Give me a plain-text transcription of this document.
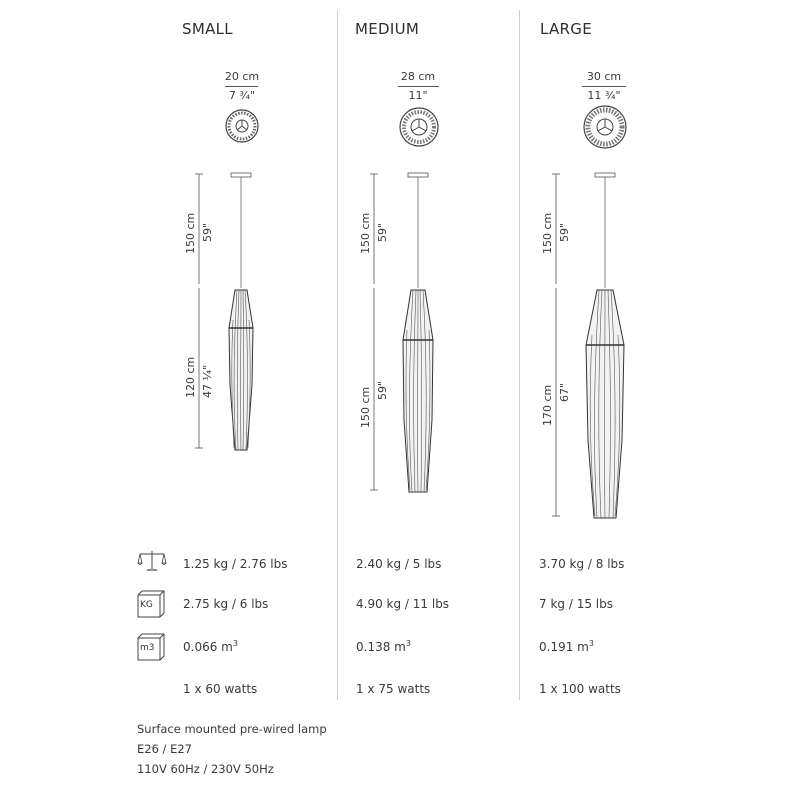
SMALL	MEDIUM	LARGE
20 cm
7 ¾"
28 cm
11"
30 cm
11 ¾"
150 cm 59"
120 cm 47 ¼"
150 cm 59"
150 cm 59"
150 cm 59"
170 cm 67"
KG
m3
1.25 kg / 2.76 lbs
2.75 kg / 6 lbs
0.066 $m^3$
1 x 60 watts
2.40 kg / 5 lbs
4.90 kg / 11 lbs
0.138 $m^3$
1 x 75 watts
3.70 kg / 8 lbs
7 kg / 15 lbs
0.191 $m^3$
1 x 100 watts
Surface mounted pre-wired lamp
E26 / E27
110V 60Hz / 230V 50Hz
